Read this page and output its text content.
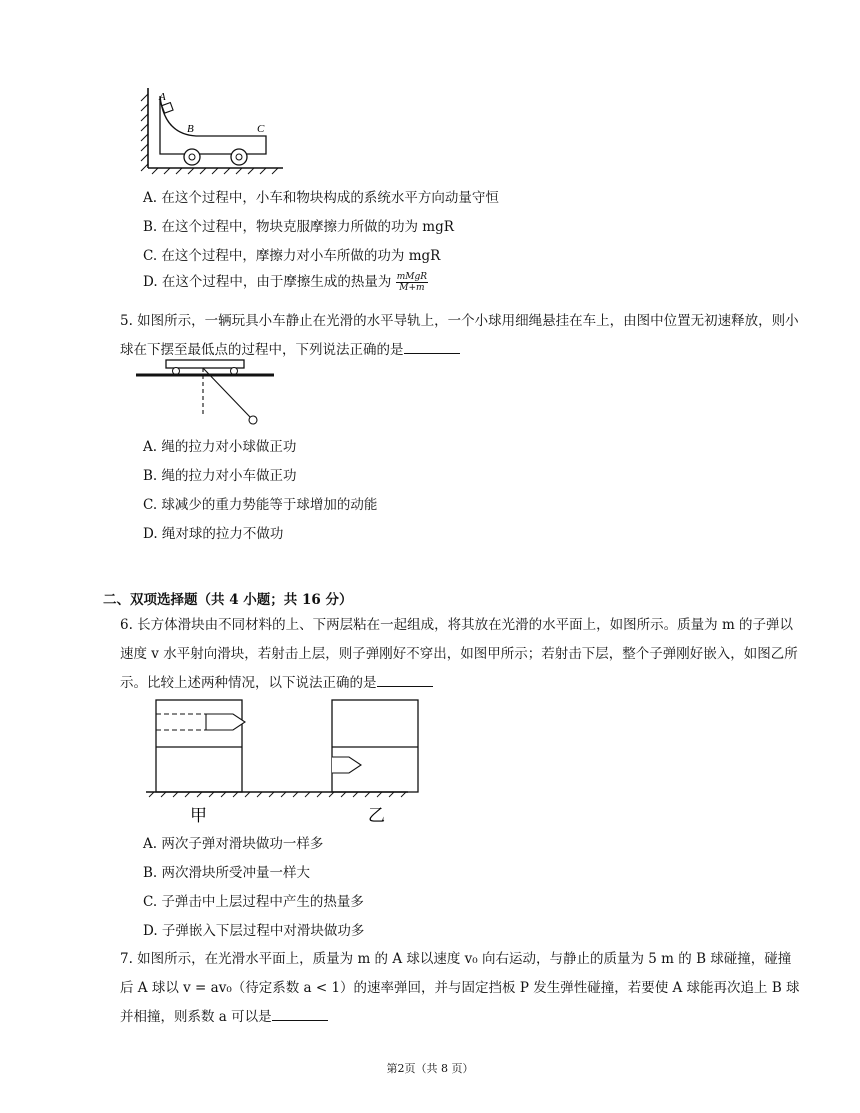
A
B	C
A. 在这个过程中，小车和物块构成的系统水平方向动量守恒
B. 在这个过程中，物块克服摩擦力所做的功为 mgR
C. 在这个过程中，摩擦力对小车所做的功为 mgR
D. 在这个过程中，由于摩擦生成的热量为 $\frac{\text{mMgR}}{M+m}$
5. 如图所示，一辆玩具小车静止在光滑的水平导轨上，一个小球用细绳悬挂在车上，由图中位置无初速释放，则小球在下摆至最低点的过程中，下列说法正确的是
A. 绳的拉力对小球做正功
B. 绳的拉力对小车做正功
C. 球减少的重力势能等于球增加的动能
D. 绳对球的拉力不做功
二、双项选择题（共 4 小题；共 16 分）
6. 长方体滑块由不同材料的上、下两层粘在一起组成，将其放在光滑的水平面上，如图所示。质量为 m 的子弹以速度 v 水平射向滑块，若射击上层，则子弹刚好不穿出，如图甲所示；若射击下层，整个子弹刚好嵌入，如图乙所示。比较上述两种情况，以下说法正确的是
甲	乙
A. 两次子弹对滑块做功一样多
B. 两次滑块所受冲量一样大
C. 子弹击中上层过程中产生的热量多
D. 子弹嵌入下层过程中对滑块做功多
7. 如图所示，在光滑水平面上，质量为 m 的 A 球以速度 v₀ 向右运动，与静止的质量为 5 m 的 B 球碰撞，碰撞后 A 球以 v = av₀（待定系数 a < 1）的速率弹回，并与固定挡板 P 发生弹性碰撞，若要使 A 球能再次追上 B 球并相撞，则系数 a 可以是
第2页（共 8 页）
